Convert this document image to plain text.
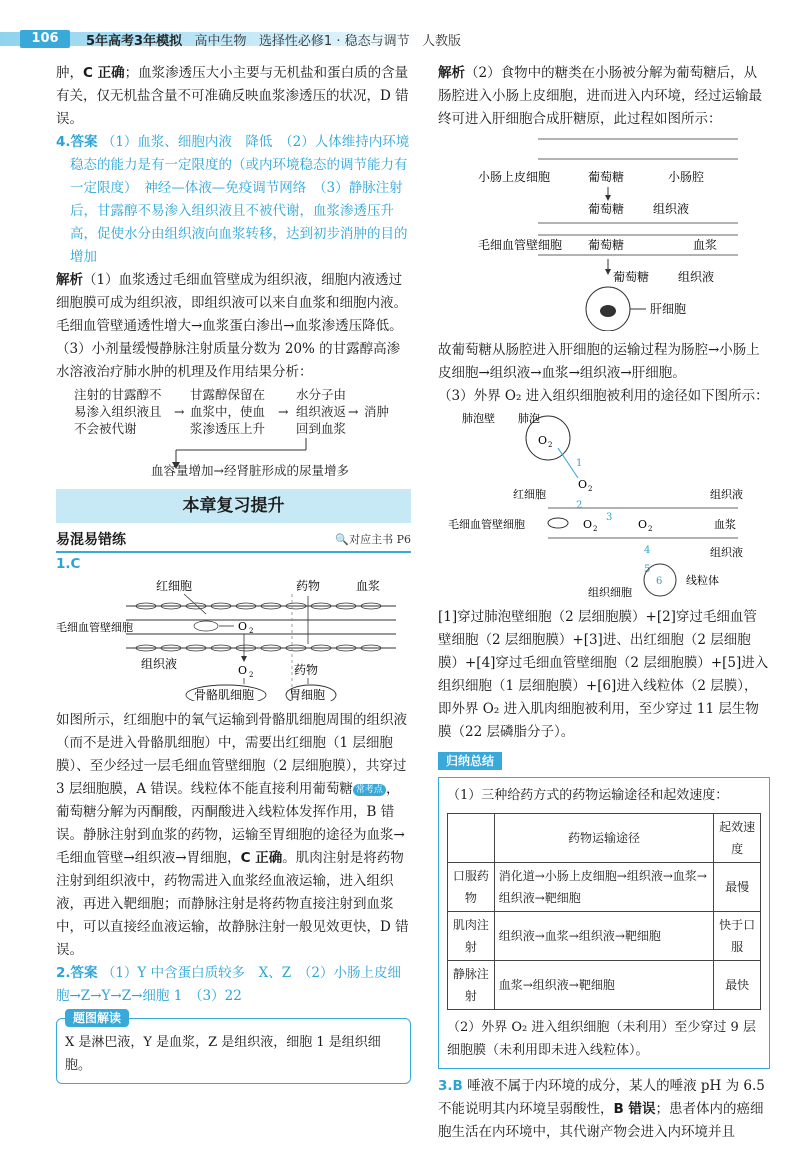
106	5年高考3年模拟 高中生物 选择性必修1 · 稳态与调节 人教版

肿，C 正确；血浆渗透压大小主要与无机盐和蛋白质的含量有关，仅无机盐含量不可准确反映血浆渗透压的状况，D 错误。

4.答案 （1）血浆、细胞内液　降低　（2）人体维持内环境稳态的能力是有一定限度的（或内环境稳态的调节能力有一定限度）　神经—体液—免疫调节网络　（3）静脉注射后，甘露醇不易渗入组织液且不被代谢，血浆渗透压升高，促使水分由组织液向血浆转移，达到初步消肿的目的　增加

解析（1）血浆透过毛细血管壁成为组织液，细胞内液透过细胞膜可成为组织液，即组织液可以来自血浆和细胞内液。毛细血管壁通透性增大→血浆蛋白渗出→血浆渗透压降低。

（3）小剂量缓慢静脉注射质量分数为 20% 的甘露醇高渗水溶液治疗肺水肿的机理及作用结果分析：

注射的甘露醇不
易渗入组织液且
不会被代谢
→
甘露醇保留在
血浆中，使血
浆渗透压上升
→
水分子由
组织液返
回到血浆
→ 消肿
血容量增加→经肾脏形成的尿量增多
本章复习提升
易混易错练	🔍对应主书 P6

1.C

红细胞
毛细血管壁细胞	O 2
药物	血浆
组织液	O 2	药物
骨骼肌细胞	胃细胞

如图所示，红细胞中的氧气运输到骨骼肌细胞周围的组织液（而不是进入骨骼肌细胞）中，需要出红细胞（1 层细胞膜）、至少经过一层毛细血管壁细胞（2 层细胞膜），共穿过 3 层细胞膜，A 错误。线粒体不能直接利用葡萄糖 常考点 ，葡萄糖分解为丙酮酸，丙酮酸进入线粒体发挥作用，B 错误。静脉注射到血浆的药物，运输至胃细胞的途径为血浆→毛细血管壁→组织液→胃细胞，C 正确。肌肉注射是将药物注射到组织液中，药物需进入血浆经血液运输，进入组织液，再进入靶细胞；而静脉注射是将药物直接注射到血浆中，可以直接经血液运输，故静脉注射一般见效更快，D 错误。

2.答案 （1）Y 中含蛋白质较多　X、Z　（2）小肠上皮细胞→Z→Y→Z→细胞 1　（3）22

题图解读

X 是淋巴液，Y 是血浆，Z 是组织液，细胞 1 是组织细胞。

解析（2）食物中的糖类在小肠被分解为葡萄糖后，从肠腔进入小肠上皮细胞，进而进入内环境，经过运输最终可进入肝细胞合成肝糖原，此过程如图所示：

小肠上皮细胞	葡萄糖	小肠腔
葡萄糖 组织液
毛细血管壁细胞 葡萄糖	血浆
葡萄糖 组织液
肝细胞

故葡萄糖从肠腔进入肝细胞的运输过程为肠腔→小肠上皮细胞→组织液→血浆→组织液→肝细胞。

（3）外界 O₂ 进入组织细胞被利用的途径如下图所示：

肺泡壁 肺泡
O 2
1
O 2
红细胞	组织液
2
毛细血管壁细胞	O 2
3
O 2	血浆
4	组织液
5
6 线粒体
组织细胞

[1]穿过肺泡壁细胞（2 层细胞膜）+[2]穿过毛细血管壁细胞（2 层细胞膜）+[3]进、出红细胞（2 层细胞膜）+[4]穿过毛细血管壁细胞（2 层细胞膜）+[5]进入组织细胞（1 层细胞膜）+[6]进入线粒体（2 层膜），即外界 O₂ 进入肌肉细胞被利用，至少穿过 11 层生物膜（22 层磷脂分子）。

归纳总结

（1）三种给药方式的药物运输途径和起效速度：

	药物运输途径	起效速度
口服药物	消化道→小肠上皮细胞→组织液→血浆→组织液→靶细胞	最慢
肌肉注射	组织液→血浆→组织液→靶细胞	快于口服
静脉注射	血浆→组织液→靶细胞	最快

（2）外界 O₂ 进入组织细胞（未利用）至少穿过 9 层细胞膜（未利用即未进入线粒体）。

3.B 唾液不属于内环境的成分，某人的唾液 pH 为 6.5 不能说明其内环境呈弱酸性，B 错误；患者体内的癌细胞生活在内环境中，其代谢产物会进入内环境并且
